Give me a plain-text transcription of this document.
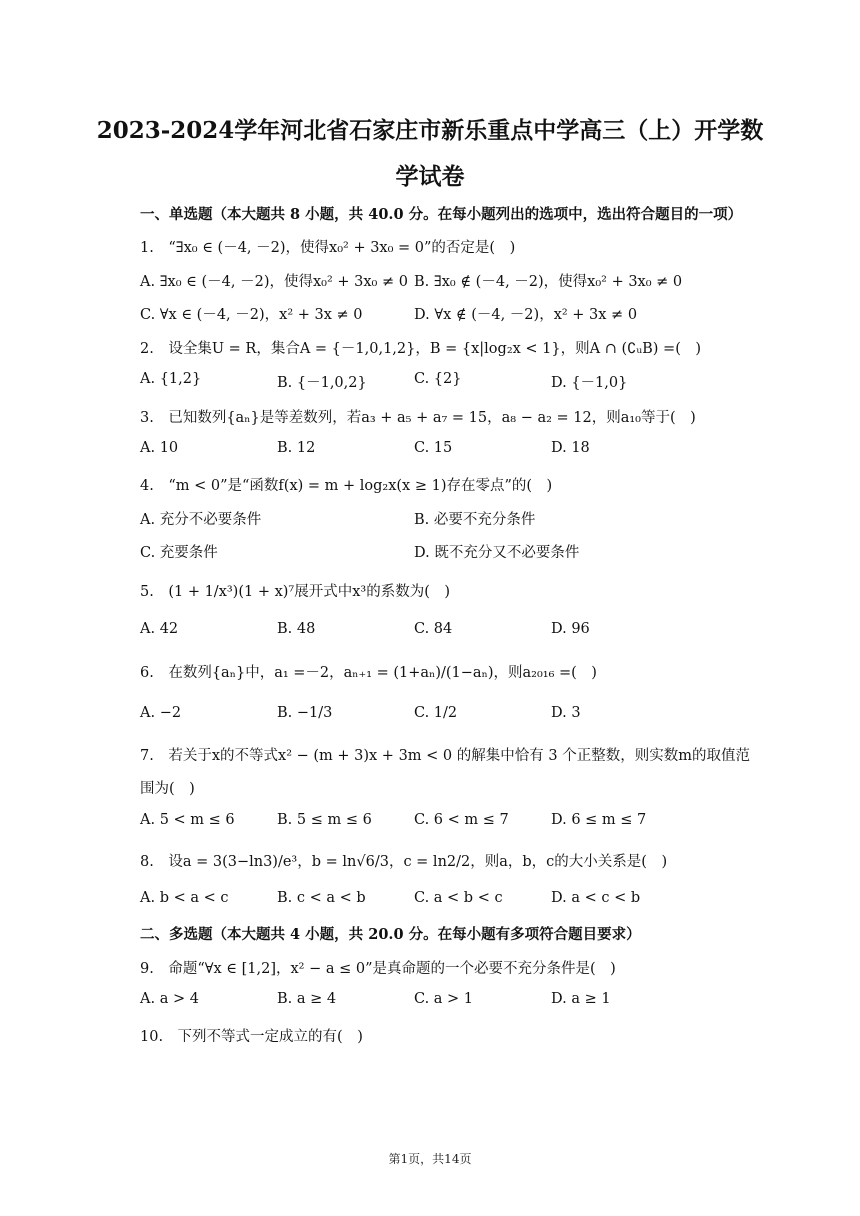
2023-2024学年河北省石家庄市新乐重点中学高三（上）开学数
学试卷
一、单选题（本大题共 8 小题，共 40.0 分。在每小题列出的选项中，选出符合题目的一项）
1.　“∃x₀ ∈ (－4, －2)，使得x₀² + 3x₀ = 0”的否定是(　)
A. ∃x₀ ∈ (－4, －2)，使得x₀² + 3x₀ ≠ 0 B. ∃x₀ ∉ (－4, －2)，使得x₀² + 3x₀ ≠ 0
C. ∀x ∈ (－4, －2)，x² + 3x ≠ 0	D. ∀x ∉ (－4, －2)，x² + 3x ≠ 0
2.　设全集U = R，集合A = {－1,0,1,2}，B = {x|log₂x < 1}，则A ∩ (∁ᵤB) =(　)
A. {1,2}	B. {－1,0,2}	C. {2}	D. {－1,0}
3.　已知数列{aₙ}是等差数列，若a₃ + a₅ + a₇ = 15，a₈ − a₂ = 12，则a₁₀等于(　)
A. 10	B. 12	C. 15	D. 18
4.　“m < 0”是“函数f(x) = m + log₂x(x ≥ 1)存在零点”的(　)
A. 充分不必要条件	B. 必要不充分条件
C. 充要条件	D. 既不充分又不必要条件
5.　(1 + 1/x³)(1 + x)⁷展开式中x³的系数为(　)
A. 42	B. 48	C. 84	D. 96
6.　在数列{aₙ}中，a₁ =－2，aₙ₊₁ = (1+aₙ)/(1−aₙ)，则a₂₀₁₆ =(　)
A. −2	B. −1/3	C. 1/2	D. 3
7.　若关于x的不等式x² − (m + 3)x + 3m < 0 的解集中恰有 3 个正整数，则实数m的取值范
围为(　)
A. 5 < m ≤ 6	B. 5 ≤ m ≤ 6	C. 6 < m ≤ 7	D. 6 ≤ m ≤ 7
8.　设a = 3(3−ln3)/e³，b = ln√6/3，c = ln2/2，则a，b，c的大小关系是(　)
A. b < a < c	B. c < a < b	C. a < b < c	D. a < c < b
二、多选题（本大题共 4 小题，共 20.0 分。在每小题有多项符合题目要求）
9.　命题“∀x ∈ [1,2]，x² − a ≤ 0”是真命题的一个必要不充分条件是(　)
A. a > 4	B. a ≥ 4	C. a > 1	D. a ≥ 1
10.　下列不等式一定成立的有(　)
第1页，共14页
